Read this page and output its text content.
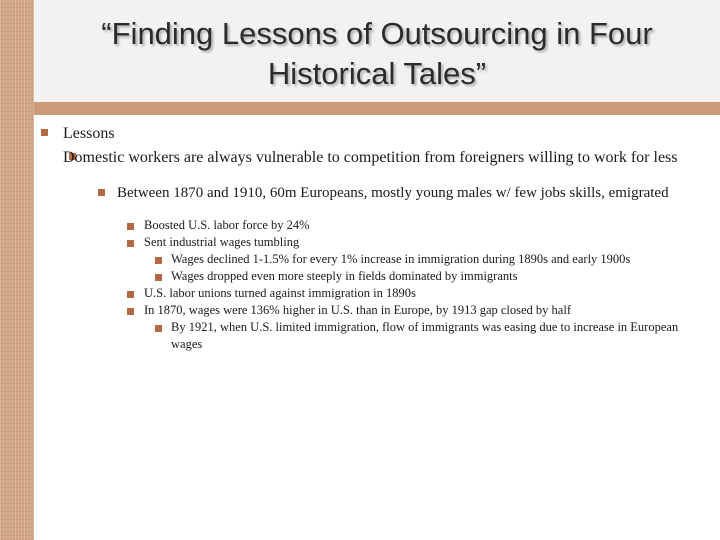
“Finding Lessons of Outsourcing in Four Historical Tales”

Lessons

Domestic workers are always vulnerable to competition from foreigners willing to work for less

Between 1870 and 1910, 60m Europeans, mostly young males w/ few jobs skills, emigrated

Boosted U.S. labor force by 24%

Sent industrial wages tumbling

Wages declined 1-1.5% for every 1% increase in immigration during 1890s and early 1900s

Wages dropped even more steeply in fields dominated by immigrants

U.S. labor unions turned against immigration in 1890s

In 1870, wages were 136% higher in U.S. than in Europe, by 1913 gap closed by half

By 1921, when U.S. limited immigration, flow of immigrants was easing due to increase in European wages
